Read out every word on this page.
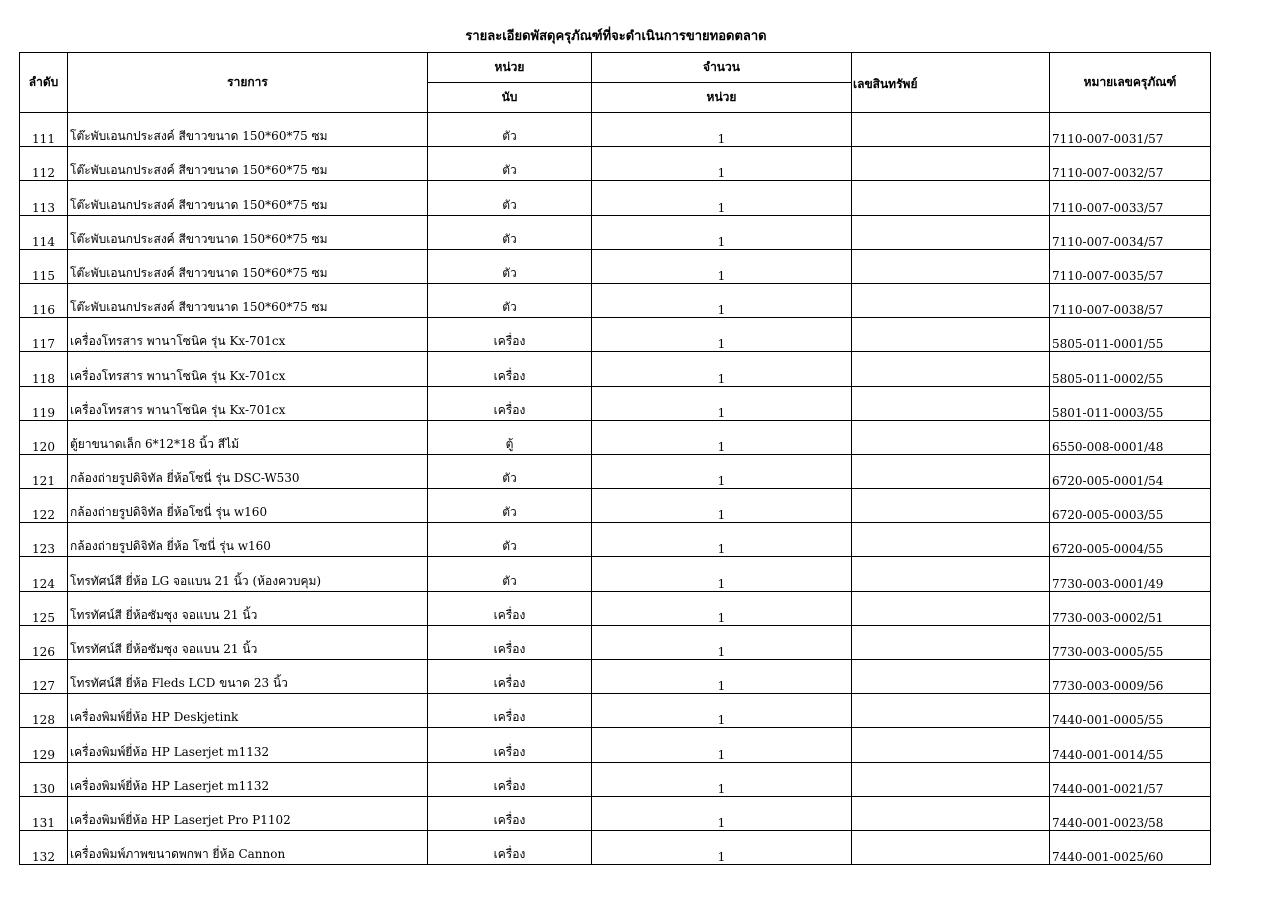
รายละเอียดพัสดุครุภัณฑ์ที่จะดำเนินการขายทอดตลาด
ลำดับ	รายการ	หน่วย	จำนวน	เลขสินทรัพย์	หมายเลขครุภัณฑ์
		นับ	หน่วย		
111	โต๊ะพับเอนกประสงค์ สีขาวขนาด 150*60*75 ซม	ตัว	1		7110-007-0031/57
112	โต๊ะพับเอนกประสงค์ สีขาวขนาด 150*60*75 ซม	ตัว	1		7110-007-0032/57
113	โต๊ะพับเอนกประสงค์ สีขาวขนาด 150*60*75 ซม	ตัว	1		7110-007-0033/57
114	โต๊ะพับเอนกประสงค์ สีขาวขนาด 150*60*75 ซม	ตัว	1		7110-007-0034/57
115	โต๊ะพับเอนกประสงค์ สีขาวขนาด 150*60*75 ซม	ตัว	1		7110-007-0035/57
116	โต๊ะพับเอนกประสงค์ สีขาวขนาด 150*60*75 ซม	ตัว	1		7110-007-0038/57
117	เครื่องโทรสาร พานาโซนิค รุ่น Kx-701cx	เครื่อง	1		5805-011-0001/55
118	เครื่องโทรสาร พานาโซนิค รุ่น Kx-701cx	เครื่อง	1		5805-011-0002/55
119	เครื่องโทรสาร พานาโซนิค รุ่น Kx-701cx	เครื่อง	1		5801-011-0003/55
120	ตู้ยาขนาดเล็ก 6*12*18 นิ้ว สีไม้	ตู้	1		6550-008-0001/48
121	กล้องถ่ายรูปดิจิทัล ยี่ห้อโซนี่ รุ่น DSC-W530	ตัว	1		6720-005-0001/54
122	กล้องถ่ายรูปดิจิทัล ยี่ห้อโซนี่ รุ่น w160	ตัว	1		6720-005-0003/55
123	กล้องถ่ายรูปดิจิทัล ยี่ห้อ โซนี่ รุ่น w160	ตัว	1		6720-005-0004/55
124	โทรทัศน์สี ยี่ห้อ LG จอแบน 21 นิ้ว (ห้องควบคุม)	ตัว	1		7730-003-0001/49
125	โทรทัศน์สี ยี่ห้อซัมซุง จอแบน 21 นิ้ว	เครื่อง	1		7730-003-0002/51
126	โทรทัศน์สี ยี่ห้อซัมซุง จอแบน 21 นิ้ว	เครื่อง	1		7730-003-0005/55
127	โทรทัศน์สี ยี่ห้อ Fleds LCD ขนาด 23 นิ้ว	เครื่อง	1		7730-003-0009/56
128	เครื่องพิมพ์ยี่ห้อ HP Deskjetink	เครื่อง	1		7440-001-0005/55
129	เครื่องพิมพ์ยี่ห้อ HP Laserjet m1132	เครื่อง	1		7440-001-0014/55
130	เครื่องพิมพ์ยี่ห้อ HP Laserjet m1132	เครื่อง	1		7440-001-0021/57
131	เครื่องพิมพ์ยี่ห้อ HP Laserjet Pro P1102	เครื่อง	1		7440-001-0023/58
132	เครื่องพิมพ์ภาพขนาดพกพา ยี่ห้อ Cannon	เครื่อง	1		7440-001-0025/60
